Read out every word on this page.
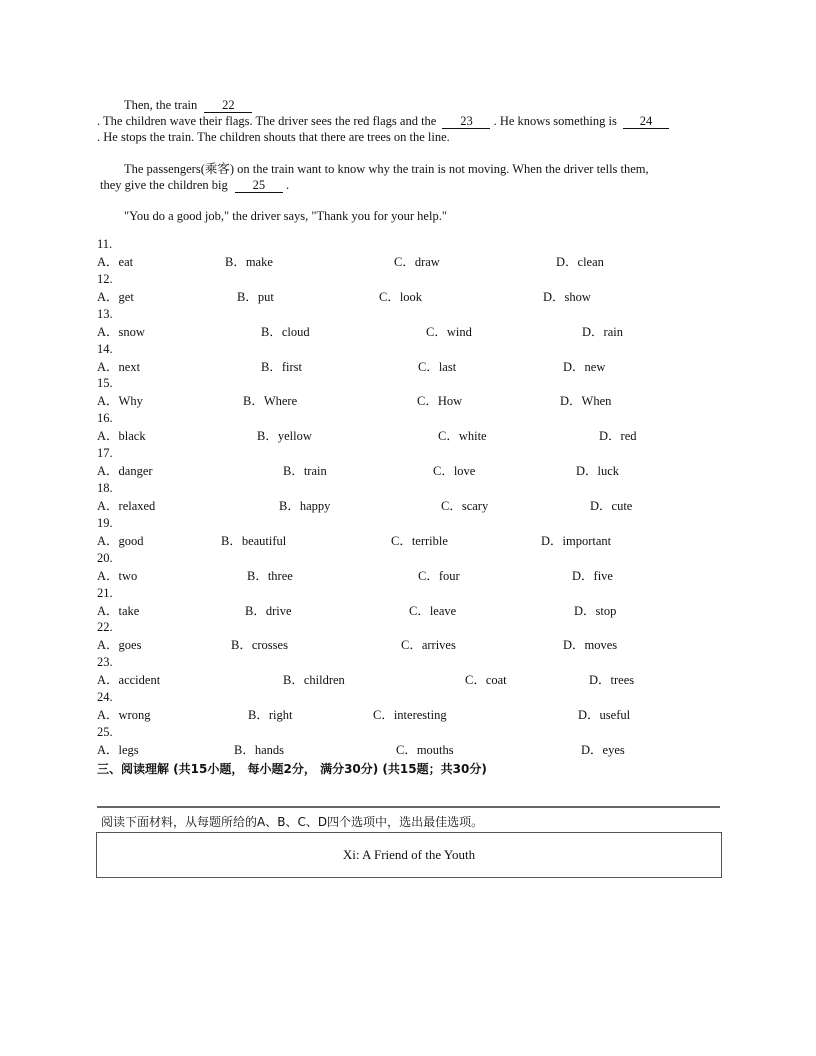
Then, the train 22
. The children wave their flags. The driver sees the red flags and the 23 . He knows something is 24
. He stops the train. The children shouts that there are trees on the line.
The passengers(乘客) on the train want to know why the train is not moving. When the driver tells them,
they give the children big 25 .
"You do a good job," the driver says, "Thank you for your help."
11.
A．eat	B．make	C．draw	D．clean
12.
A．get	B．put	C．look	D．show
13.
A．snow	B．cloud	C．wind	D．rain
14.
A．next	B．first	C．last	D．new
15.
A．Why	B．Where	C．How	D．When
16.
A．black	B．yellow	C．white	D．red
17.
A．danger	B．train	C．love	D．luck
18.
A．relaxed	B．happy	C．scary	D．cute
19.
A．good	B．beautiful	C．terrible	D．important
20.
A．two	B．three	C．four	D．five
21.
A．take	B．drive	C．leave	D．stop
22.
A．goes	B．crosses	C．arrives	D．moves
23.
A．accident	B．children	C．coat	D．trees
24.
A．wrong	B．right	C．interesting	D．useful
25.
A．legs	B．hands	C．mouths	D．eyes
三、阅读理解 (共15小题， 每小题2分， 满分30分) (共15题；共30分)
阅读下面材料，从每题所给的A、B、C、D四个选项中，选出最佳选项。
Xi: A Friend of the Youth
